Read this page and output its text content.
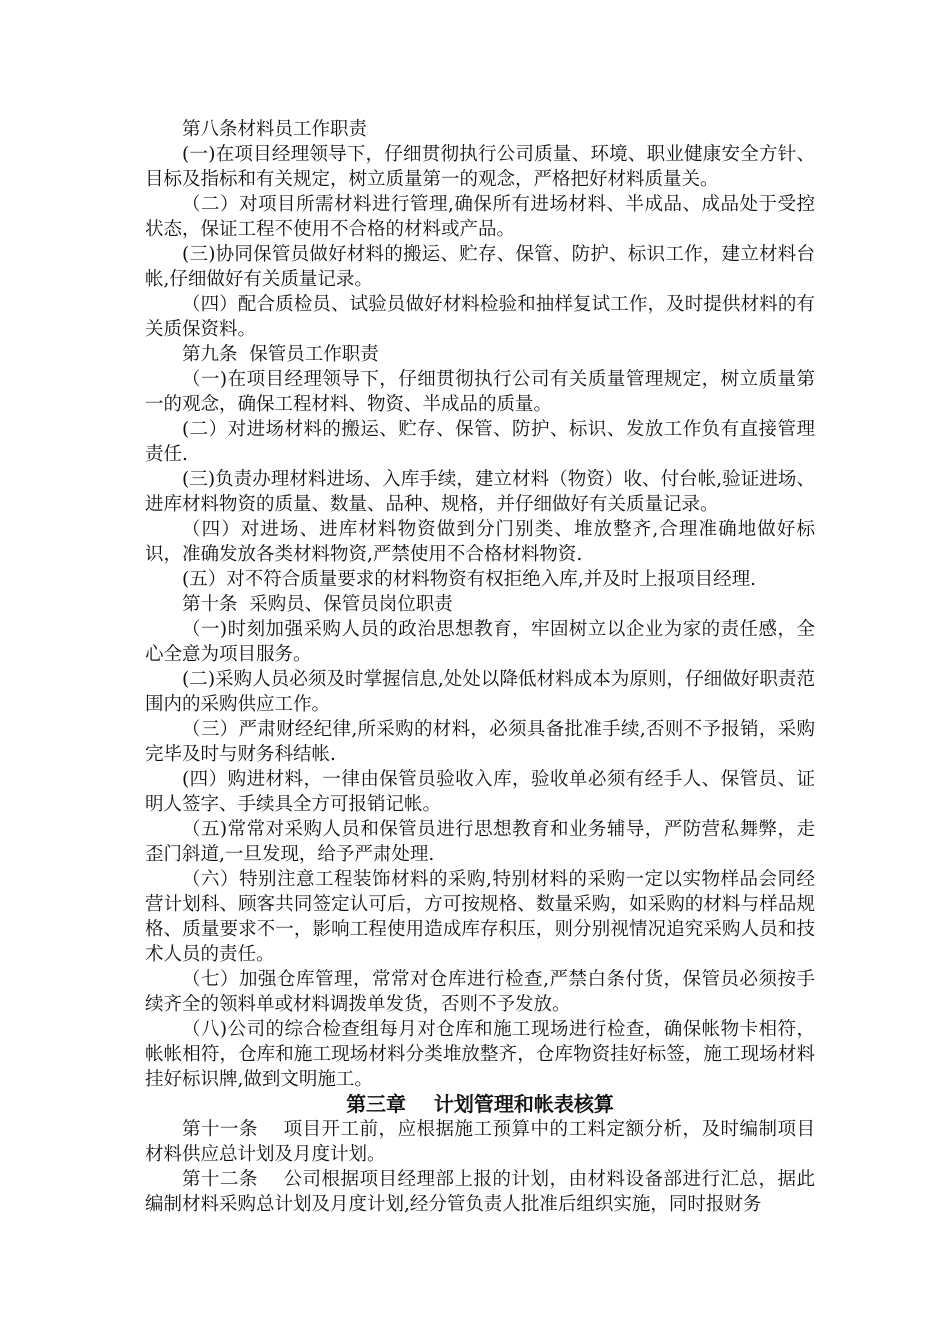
第八条材料员工作职责

(一)在项目经理领导下，仔细贯彻执行公司质量、环境、职业健康安全方针、目标及指标和有关规定，树立质量第一的观念，严格把好材料质量关。

（二）对项目所需材料进行管理,确保所有进场材料、半成品、成品处于受控状态，保证工程不使用不合格的材料或产品。

(三)协同保管员做好材料的搬运、贮存、保管、防护、标识工作，建立材料台帐,仔细做好有关质量记录。

（四）配合质检员、试验员做好材料检验和抽样复试工作，及时提供材料的有关质保资料。

第九条  保管员工作职责

（一)在项目经理领导下，仔细贯彻执行公司有关质量管理规定，树立质量第一的观念，确保工程材料、物资、半成品的质量。

(二）对进场材料的搬运、贮存、保管、防护、标识、发放工作负有直接管理责任.

(三)负责办理材料进场、入库手续，建立材料（物资）收、付台帐,验证进场、进库材料物资的质量、数量、品种、规格，并仔细做好有关质量记录。

（四）对进场、进库材料物资做到分门别类、堆放整齐,合理准确地做好标识，准确发放各类材料物资,严禁使用不合格材料物资.

(五）对不符合质量要求的材料物资有权拒绝入库,并及时上报项目经理.

第十条  采购员、保管员岗位职责

（一)时刻加强采购人员的政治思想教育，牢固树立以企业为家的责任感，全心全意为项目服务。

(二)采购人员必须及时掌握信息,处处以降低材料成本为原则，仔细做好职责范围内的采购供应工作。

（三）严肃财经纪律,所采购的材料，必须具备批准手续,否则不予报销，采购完毕及时与财务科结帐.

(四）购进材料，一律由保管员验收入库，验收单必须有经手人、保管员、证明人签字、手续具全方可报销记帐。

（五)常常对采购人员和保管员进行思想教育和业务辅导，严防营私舞弊，走歪门斜道,一旦发现，给予严肃处理.

（六）特别注意工程装饰材料的采购,特别材料的采购一定以实物样品会同经营计划科、顾客共同签定认可后，方可按规格、数量采购，如采购的材料与样品规格、质量要求不一，影响工程使用造成库存积压，则分别视情况追究采购人员和技术人员的责任。

（七）加强仓库管理，常常对仓库进行检查,严禁白条付货，保管员必须按手续齐全的领料单或材料调拨单发货，否则不予发放。

（八)公司的综合检查组每月对仓库和施工现场进行检查，确保帐物卡相符，帐帐相符，仓库和施工现场材料分类堆放整齐，仓库物资挂好标签，施工现场材料挂好标识牌,做到文明施工。

第三章    计划管理和帐表核算

第十一条    项目开工前，应根据施工预算中的工料定额分析，及时编制项目材料供应总计划及月度计划。

第十二条    公司根据项目经理部上报的计划，由材料设备部进行汇总，据此编制材料采购总计划及月度计划,经分管负责人批准后组织实施，同时报财务
